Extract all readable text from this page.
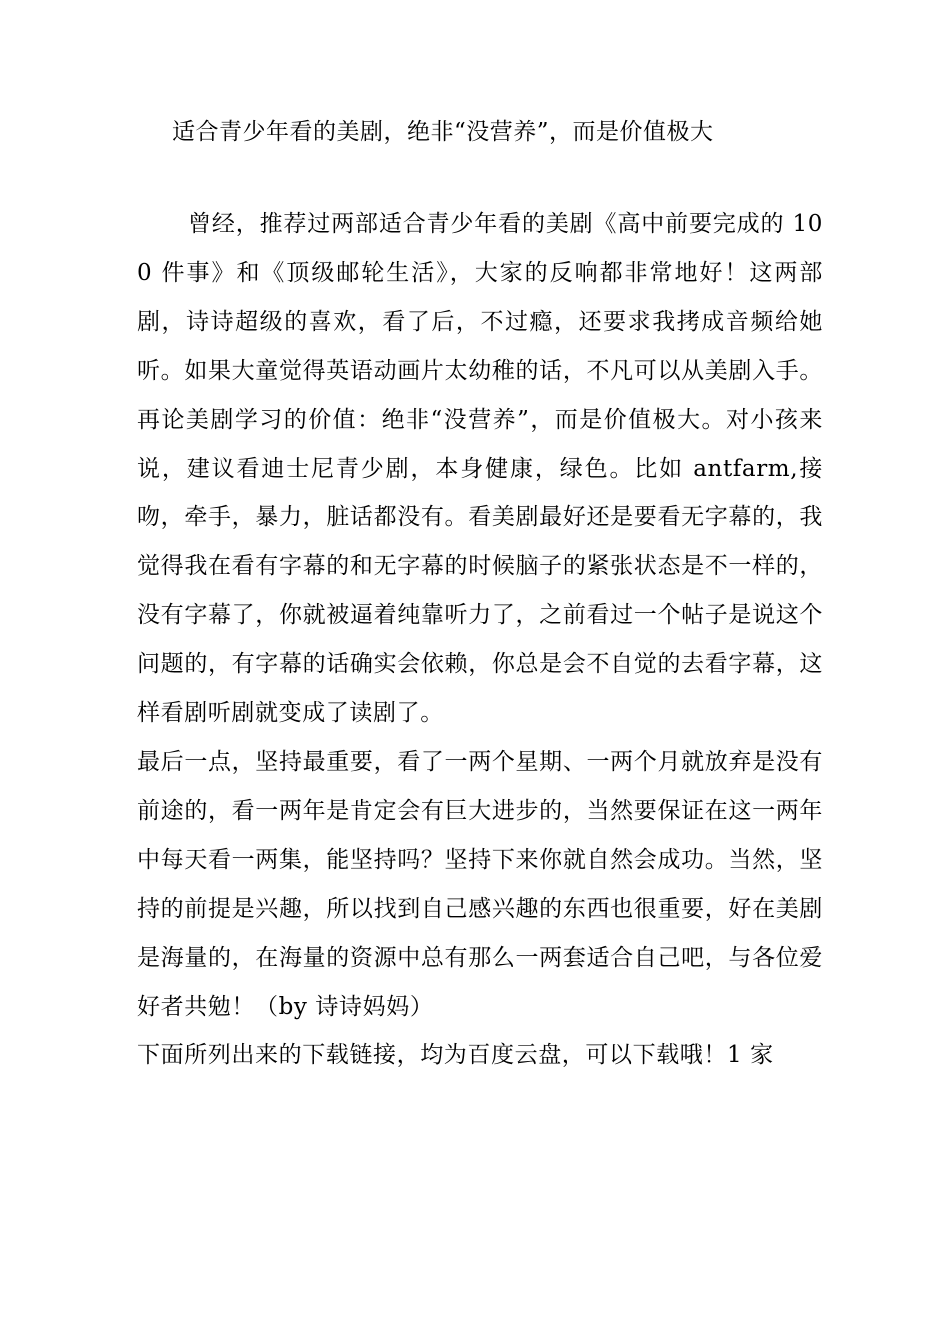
适合青少年看的美剧，绝非“没营养”，而是价值极大

曾经，推荐过两部适合青少年看的美剧《高中前要完成的 100 件事》和《顶级邮轮生活》，大家的反响都非常地好！这两部剧，诗诗超级的喜欢，看了后，不过瘾，还要求我拷成音频给她听。如果大童觉得英语动画片太幼稚的话，不凡可以从美剧入手。再论美剧学习的价值：绝非“没营养”，而是价值极大。对小孩来说，建议看迪士尼青少剧，本身健康，绿色。比如 antfarm,接吻，牵手，暴力，脏话都没有。看美剧最好还是要看无字幕的，我觉得我在看有字幕的和无字幕的时候脑子的紧张状态是不一样的，没有字幕了，你就被逼着纯靠听力了，之前看过一个帖子是说这个问题的，有字幕的话确实会依赖，你总是会不自觉的去看字幕，这样看剧听剧就变成了读剧了。

最后一点，坚持最重要，看了一两个星期、一两个月就放弃是没有前途的，看一两年是肯定会有巨大进步的，当然要保证在这一两年中每天看一两集，能坚持吗？坚持下来你就自然会成功。当然，坚持的前提是兴趣，所以找到自己感兴趣的东西也很重要，好在美剧是海量的，在海量的资源中总有那么一两套适合自己吧，与各位爱好者共勉！（by 诗诗妈妈）

下面所列出来的下载链接，均为百度云盘，可以下载哦！1 家
